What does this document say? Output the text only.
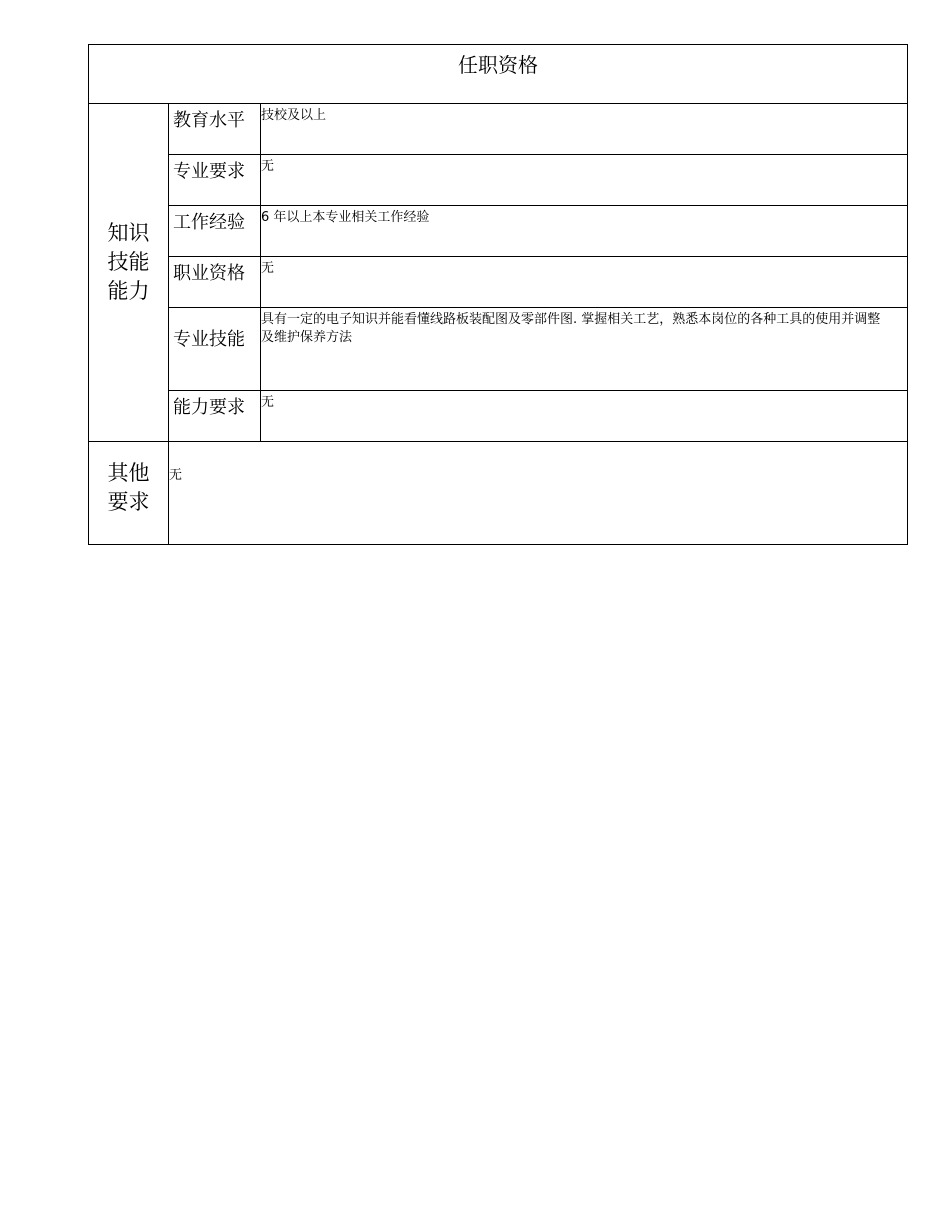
任职资格		
知识技能能力	教育水平	技校及以上
	专业要求	无
	工作经验	6 年以上本专业相关工作经验
	职业资格	无
	专业技能	具有一定的电子知识并能看懂线路板装配图及零部件图. 掌握相关工艺，熟悉本岗位的各种工具的使用并调整及维护保养方法
	能力要求	无
其他要求	无	
